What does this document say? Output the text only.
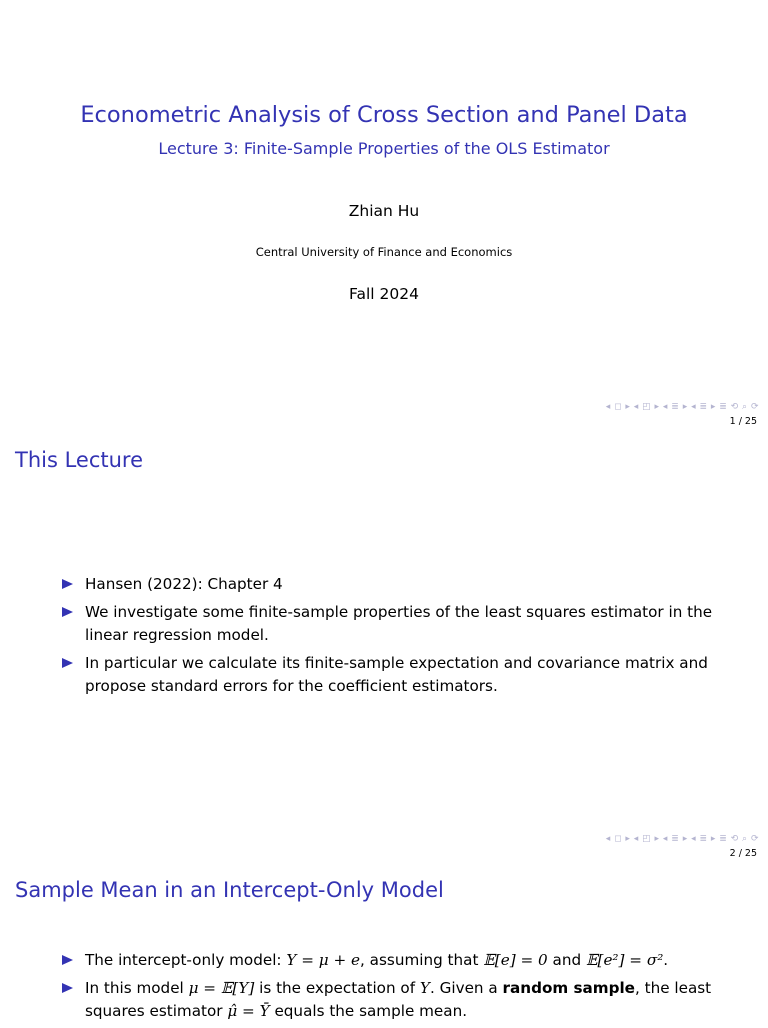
Econometric Analysis of Cross Section and Panel Data
Lecture 3: Finite-Sample Properties of the OLS Estimator
Zhian Hu
Central University of Finance and Economics
Fall 2024
◂ ◻ ▸ ◂ ◰ ▸ ◂ ≣ ▸ ◂ ≣ ▸ ≣ ⟲ ⌕ ⟳
1 / 25
This Lecture
Hansen (2022): Chapter 4
We investigate some finite-sample properties of the least squares estimator in the linear regression model.
In particular we calculate its finite-sample expectation and covariance matrix and propose standard errors for the coefficient estimators.
◂ ◻ ▸ ◂ ◰ ▸ ◂ ≣ ▸ ◂ ≣ ▸ ≣ ⟲ ⌕ ⟳
2 / 25
Sample Mean in an Intercept-Only Model
The intercept-only model: Y = μ + e, assuming that 𝔼[e] = 0 and 𝔼[e²] = σ².
In this model μ = 𝔼[Y] is the expectation of Y. Given a random sample, the least squares estimator μ̂ = Ȳ equals the sample mean.
